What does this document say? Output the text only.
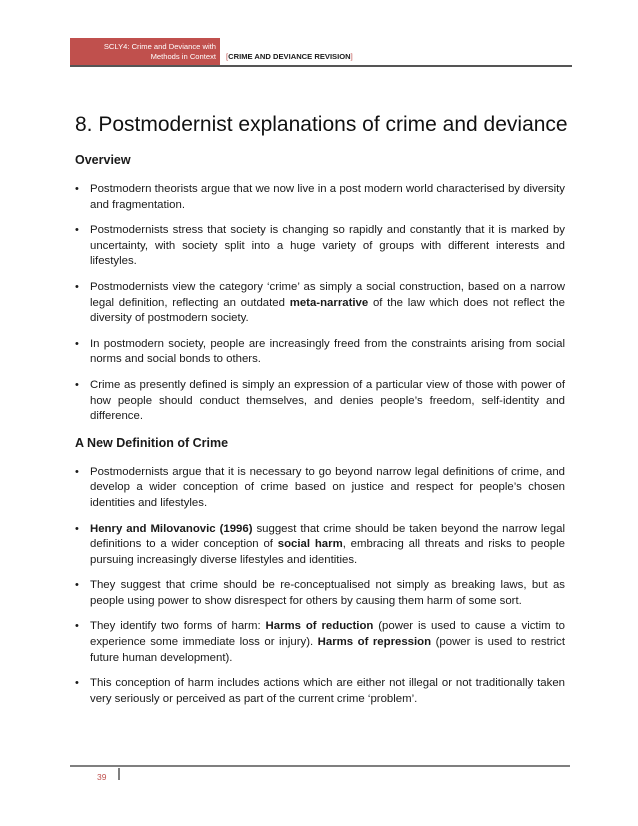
SCLY4: Crime and Deviance with
Methods in Context [CRIME AND DEVIANCE REVISION]
8. Postmodernist explanations of crime and deviance
Overview
• Postmodern theorists argue that we now live in a post modern world characterised by diversity and fragmentation.
• Postmodernists stress that society is changing so rapidly and constantly that it is marked by uncertainty, with society split into a huge variety of groups with different interests and lifestyles.
• Postmodernists view the category ‘crime’ as simply a social construction, based on a narrow legal definition, reflecting an outdated meta-narrative of the law which does not reflect the diversity of postmodern society.
• In postmodern society, people are increasingly freed from the constraints arising from social norms and social bonds to others.
• Crime as presently defined is simply an expression of a particular view of those with power of how people should conduct themselves, and denies people’s freedom, self-identity and difference.
A New Definition of Crime
• Postmodernists argue that it is necessary to go beyond narrow legal definitions of crime, and develop a wider conception of crime based on justice and respect for people’s chosen identities and lifestyles.
• Henry and Milovanovic (1996) suggest that crime should be taken beyond the narrow legal definitions to a wider conception of social harm, embracing all threats and risks to people pursuing increasingly diverse lifestyles and identities.
• They suggest that crime should be re-conceptualised not simply as breaking laws, but as people using power to show disrespect for others by causing them harm of some sort.
• They identify two forms of harm: Harms of reduction (power is used to cause a victim to experience some immediate loss or injury). Harms of repression (power is used to restrict future human development).
• This conception of harm includes actions which are either not illegal or not traditionally taken very seriously or perceived as part of the current crime ‘problem’.
39
